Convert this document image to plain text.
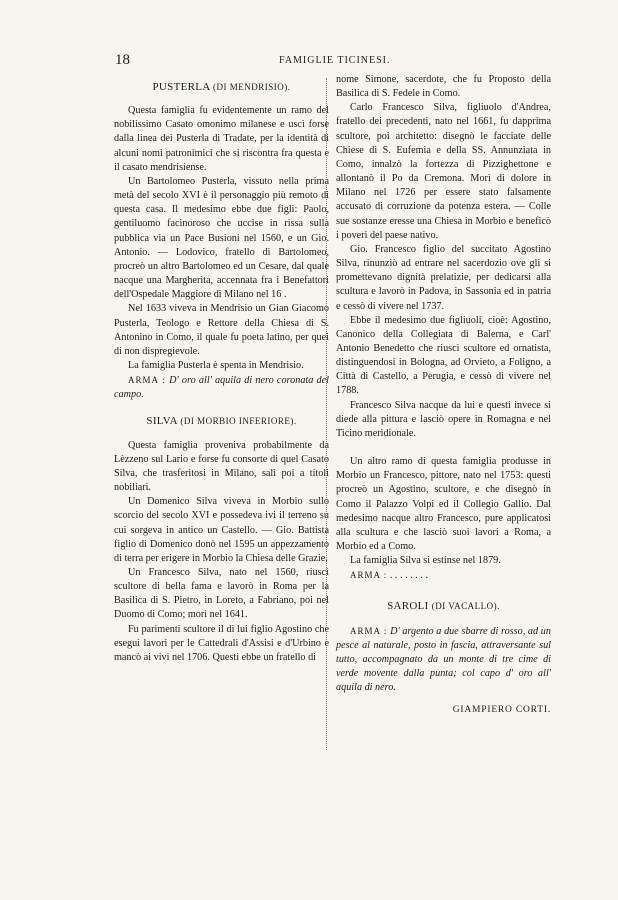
18	FAMIGLIE TICINESI.
PUSTERLA (DI MENDRISIO).

Questa famiglia fu evidentemente un ramo del nobilissimo Casato omonimo milanese e uscì forse dalla linea dei Pusterla di Tradate, per la identità di alcuni nomi patronimici che si riscontra fra questa e il casato mendrisiense.

Un Bartolomeo Pusterla, vissuto nella prima metà del secolo XVI è il personaggio più remoto di questa casa. Il medesimo ebbe due figli: Paolo, gentiluomo facinoroso che uccise in rissa sulla pubblica via un Pace Busioni nel 1560, e un Gio. Antonio. — Lodovico, fratello di Bartolomeo, procreò un altro Bartolomeo ed un Cesare, dal quale nacque una Margherita, accennata fra i Benefattori dell'Ospedale Maggiore di Milano nel 16 .

Nel 1633 viveva in Mendrisio un Gian Giacomo Pusterla, Teologo e Rettore della Chiesa di S. Antonino in Como, il quale fu poeta latino, per quei di non dispregievole.

La famiglia Pusterla è spenta in Mendrisio.

ARMA : D' oro all' aquila di nero coronata del campo.

SILVA (DI MORBIO INFERIORE).

Questa famiglia proveniva probabilmente da Lèzzeno sul Lario e forse fu consorte di quel Casato Silva, che trasferitosi in Milano, salì poi a titoli nobiliari.

Un Domenico Silva viveva in Morbio sullo scorcio del secolo XVI e possedeva ivi il terreno su cui sorgeva in antico un Castello. — Gio. Battista figlio di Domenico donò nel 1595 un appezzamento di terra per erigere in Morbio la Chiesa delle Grazie.

Un Francesco Silva, nato nel 1560, riuscì scultore di bella fama e lavorò in Roma per la Basilica di S. Pietro, in Loreto, a Fabriano, poi nel Duomo di Como; morì nel 1641.

Fu parimenti scultore il di lui figlio Agostino che eseguì lavori per le Cattedrali d'Assisi e d'Urbino e mancò ai vivi nel 1706. Questi ebbe un fratello di

nome Simone, sacerdote, che fu Proposto della Basilica di S. Fedele in Como.

Carlo Francesco Silva, figliuolo d'Andrea, fratello dei precedenti, nato nel 1661, fu dapprima scultore, poi architetto: disegnò le facciate delle Chiese di S. Eufemia e della SS. Annunziata in Como, innalzò la fortezza di Pizzighettone e allontanò il Po da Cremona. Morì di dolore in Milano nel 1726 per essere stato falsamente accusato di corruzione da potenza estera. — Colle sue sostanze eresse una Chiesa in Morbio e beneficò i poveri del paese nativo.

Gio. Francesco figlio del succitato Agostino Silva, rinunziò ad entrare nel sacerdozio ove gli si promettevano dignità prelatizie, per dedicarsi alla scultura e lavorò in Padova, in Sassonia ed in patria e cessò di vivere nel 1737.

Ebbe il medesimo due figliuoli, cioè: Agostino, Canonico della Collegiata di Balerna, e Carl' Antonio Benedetto che riuscì scultore ed ornatista, distinguendosi in Bologna, ad Orvieto, a Foligno, a Città di Castello, a Perugia, e cessò di vivere nel 1788.

Francesco Silva nacque da lui e questi invece si diede alla pittura e lasciò opere in Romagna e nel Ticino meridionale.

Un altro ramo di questa famiglia produsse in Morbio un Francesco, pittore, nato nel 1753: questi procreò un Agostino, scultore, e che disegnò in Como il Palazzo Volpi ed il Collegio Gallio. Dal medesimo nacque altro Francesco, pure applicatosi alla scultura e che lasciò suoi lavori a Roma, a Morbio ed a Como.

La famiglia Silva si estinse nel 1879.

ARMA : . . . . . . . .

SAROLI (DI VACALLO).

ARMA : D' argento a due sbarre di rosso, ad un pesce al naturale, posto in fascia, attraversante sul tutto, accompagnato da un monte di tre cime di verde movente dalla punta; col capo d' oro all' aquila di nero.

GIAMPIERO CORTI.
